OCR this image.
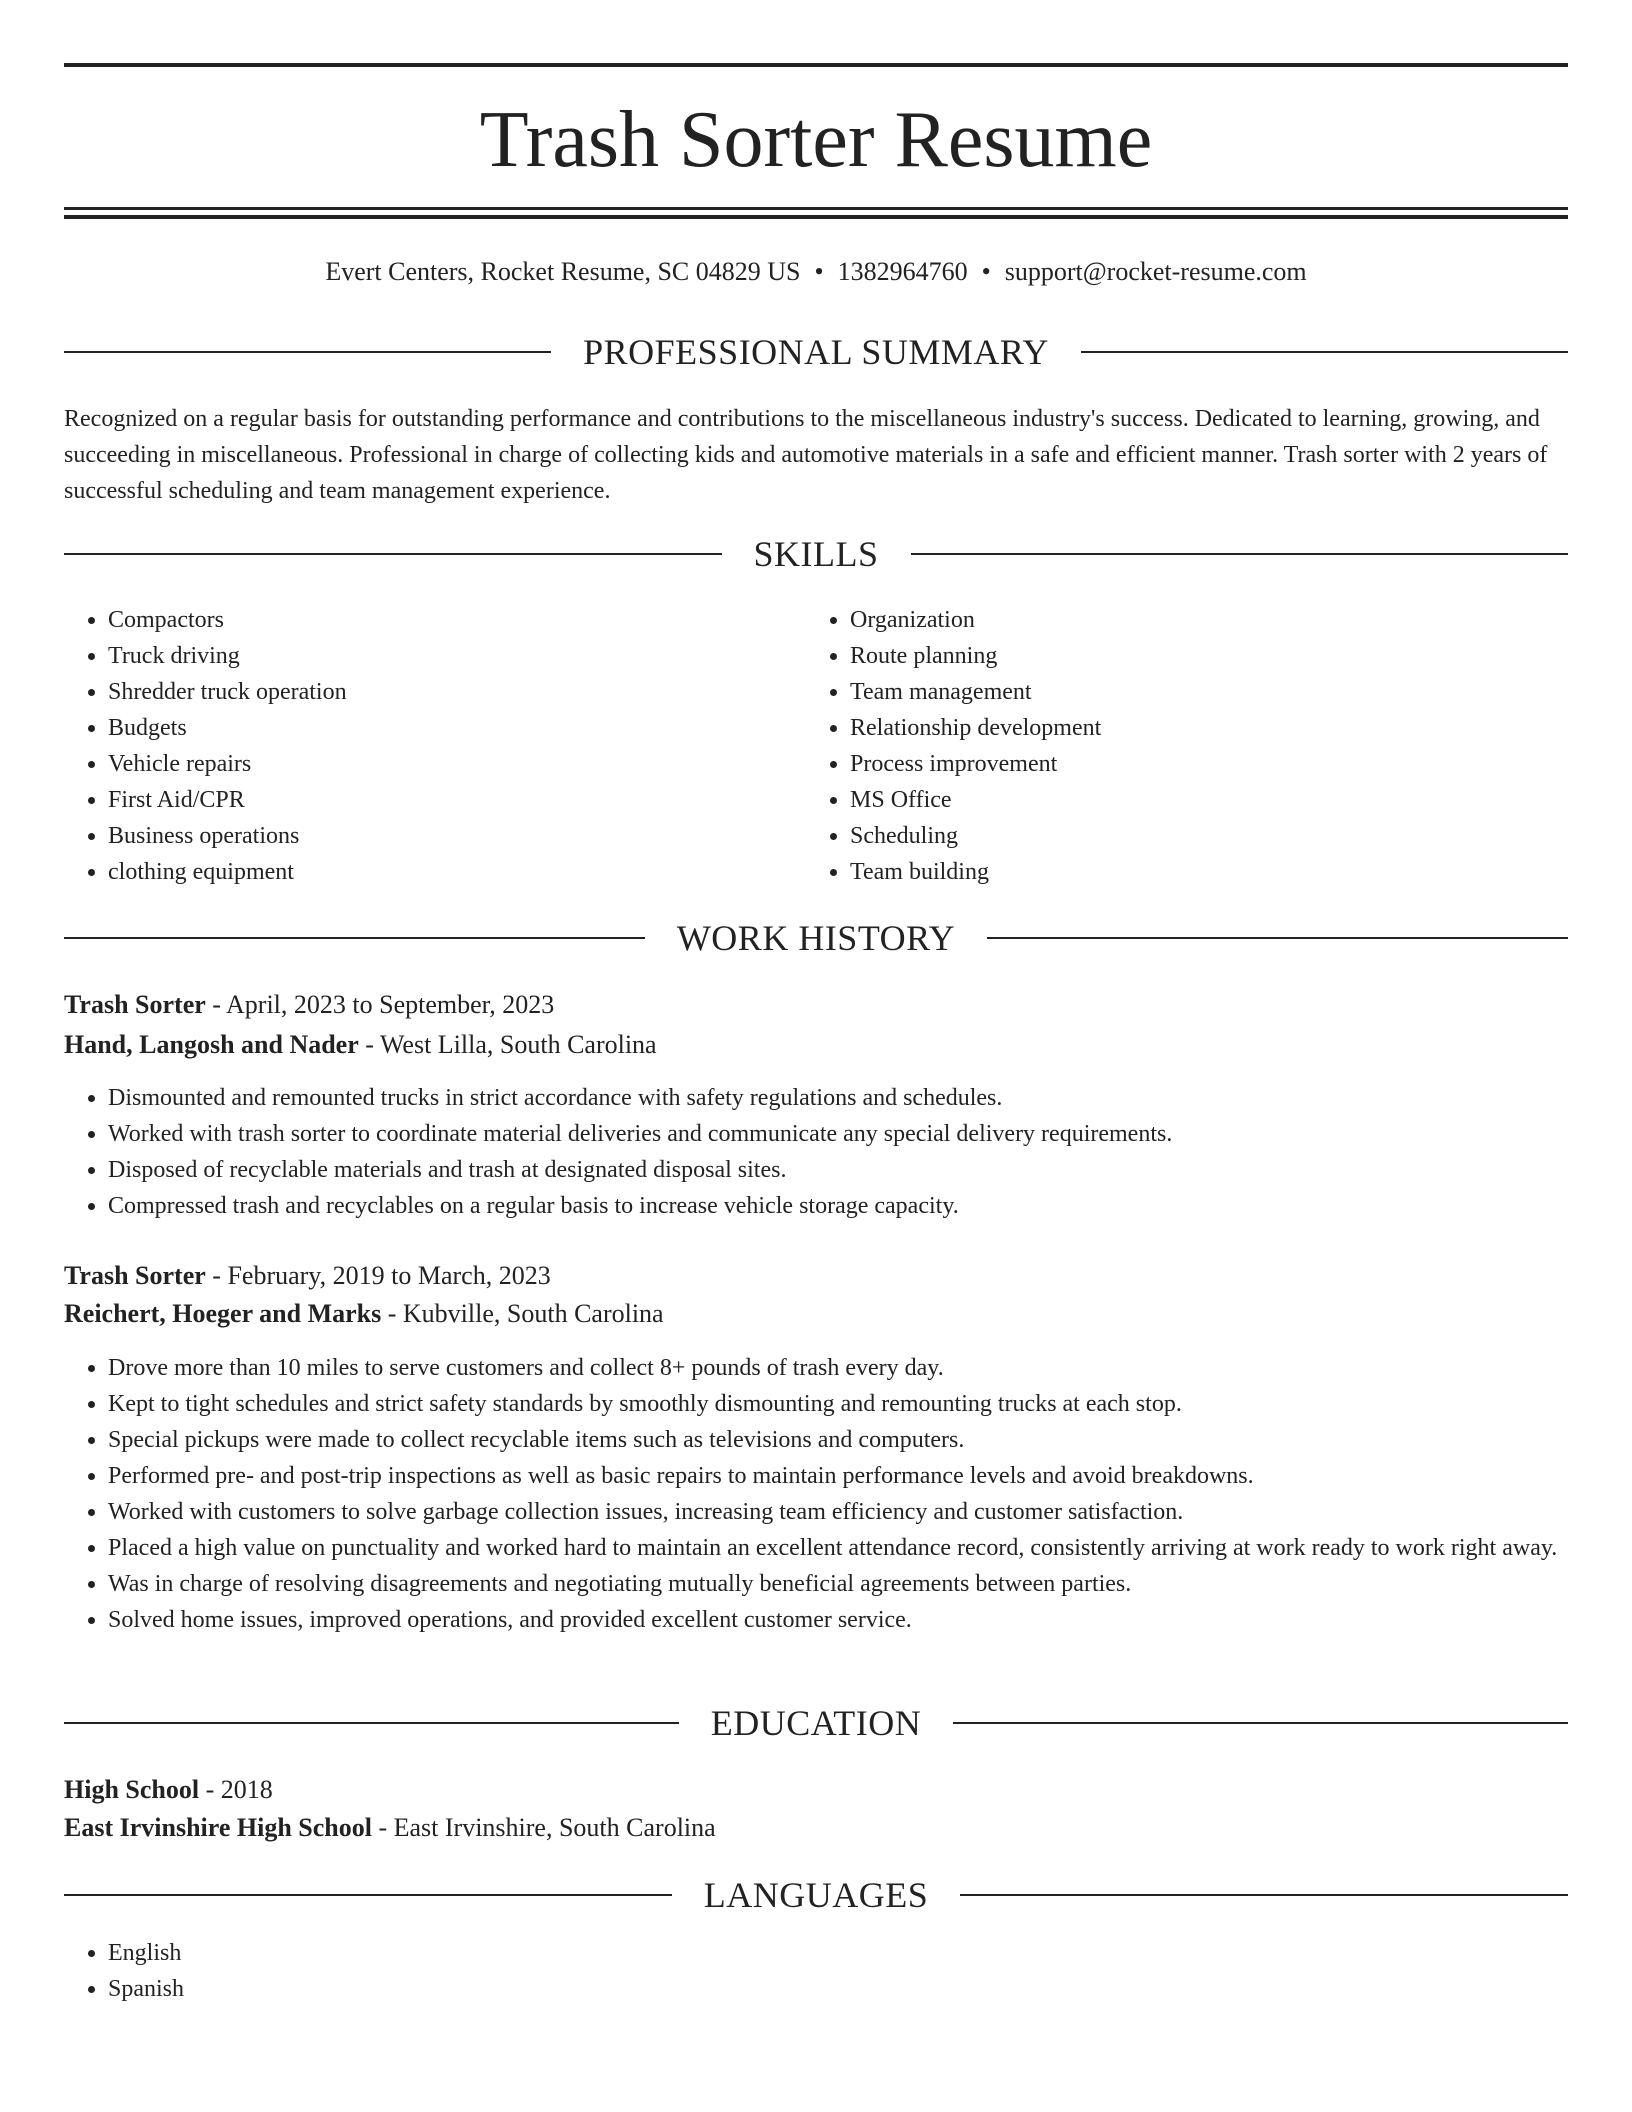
Trash Sorter Resume
Evert Centers, Rocket Resume, SC 04829 US • 1382964760 • support@rocket-resume.com
PROFESSIONAL SUMMARY

Recognized on a regular basis for outstanding performance and contributions to the miscellaneous industry's success. Dedicated to learning, growing, and succeeding in miscellaneous. Professional in charge of collecting kids and automotive materials in a safe and efficient manner. Trash sorter with 2 years of successful scheduling and team management experience.

SKILLS
• Compactors
• Truck driving
• Shredder truck operation
• Budgets
• Vehicle repairs
• First Aid/CPR
• Business operations
• clothing equipment
• Organization
• Route planning
• Team management
• Relationship development
• Process improvement
• MS Office
• Scheduling
• Team building
WORK HISTORY
Trash Sorter - April, 2023 to September, 2023
Hand, Langosh and Nader - West Lilla, South Carolina
• Dismounted and remounted trucks in strict accordance with safety regulations and schedules.
• Worked with trash sorter to coordinate material deliveries and communicate any special delivery requirements.
• Disposed of recyclable materials and trash at designated disposal sites.
• Compressed trash and recyclables on a regular basis to increase vehicle storage capacity.
Trash Sorter - February, 2019 to March, 2023
Reichert, Hoeger and Marks - Kubville, South Carolina
• Drove more than 10 miles to serve customers and collect 8+ pounds of trash every day.
• Kept to tight schedules and strict safety standards by smoothly dismounting and remounting trucks at each stop.
• Special pickups were made to collect recyclable items such as televisions and computers.
• Performed pre- and post-trip inspections as well as basic repairs to maintain performance levels and avoid breakdowns.
• Worked with customers to solve garbage collection issues, increasing team efficiency and customer satisfaction.
• Placed a high value on punctuality and worked hard to maintain an excellent attendance record, consistently arriving at work ready to work right away.
• Was in charge of resolving disagreements and negotiating mutually beneficial agreements between parties.
• Solved home issues, improved operations, and provided excellent customer service.
EDUCATION
High School - 2018
East Irvinshire High School - East Irvinshire, South Carolina
LANGUAGES
• English
• Spanish
